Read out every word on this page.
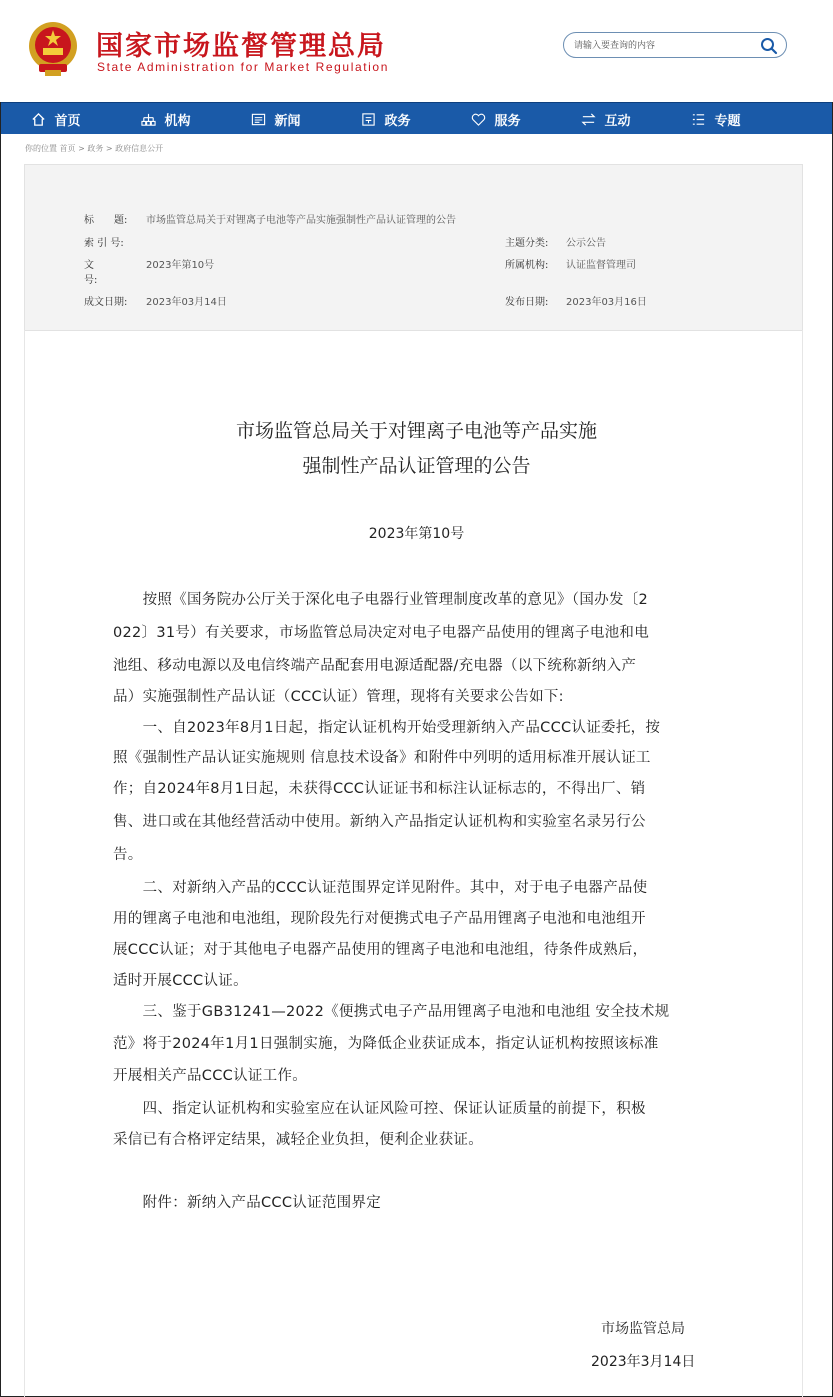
国家市场监督管理总局
State Administration for Market Regulation
请输入要查询的内容
首页	机构	新闻	政务	服务	互动	专题
你的位置 首页 > 政务 > 政府信息公开
标　　题: 市场监管总局关于对锂离子电池等产品实施强制性产品认证管理的公告
索 引 号:	主题分类: 公示公告
文
号:
2023年第10号	所属机构: 认证监督管理司
成文日期: 2023年03月14日	发布日期: 2023年03月16日
市场监管总局关于对锂离子电池等产品实施
强制性产品认证管理的公告
2023年第10号
　　按照《国务院办公厅关于深化电子电器行业管理制度改革的意见》（国办发〔2
022〕31号）有关要求，市场监管总局决定对电子电器产品使用的锂离子电池和电
池组、移动电源以及电信终端产品配套用电源适配器/充电器（以下统称新纳入产
品）实施强制性产品认证（CCC认证）管理，现将有关要求公告如下:
　　一、自2023年8月1日起，指定认证机构开始受理新纳入产品CCC认证委托，按
照《强制性产品认证实施规则 信息技术设备》和附件中列明的适用标准开展认证工
作；自2024年8月1日起，未获得CCC认证证书和标注认证标志的，不得出厂、销
售、进口或在其他经营活动中使用。新纳入产品指定认证机构和实验室名录另行公
告。
　　二、对新纳入产品的CCC认证范围界定详见附件。其中，对于电子电器产品使
用的锂离子电池和电池组，现阶段先行对便携式电子产品用锂离子电池和电池组开
展CCC认证；对于其他电子电器产品使用的锂离子电池和电池组，待条件成熟后，
适时开展CCC认证。
　　三、鉴于GB31241—2022《便携式电子产品用锂离子电池和电池组 安全技术规
范》将于2024年1月1日强制实施，为降低企业获证成本，指定认证机构按照该标准
开展相关产品CCC认证工作。
　　四、指定认证机构和实验室应在认证风险可控、保证认证质量的前提下，积极
采信已有合格评定结果，减轻企业负担，便利企业获证。
　　附件：新纳入产品CCC认证范围界定
市场监管总局
2023年3月14日
